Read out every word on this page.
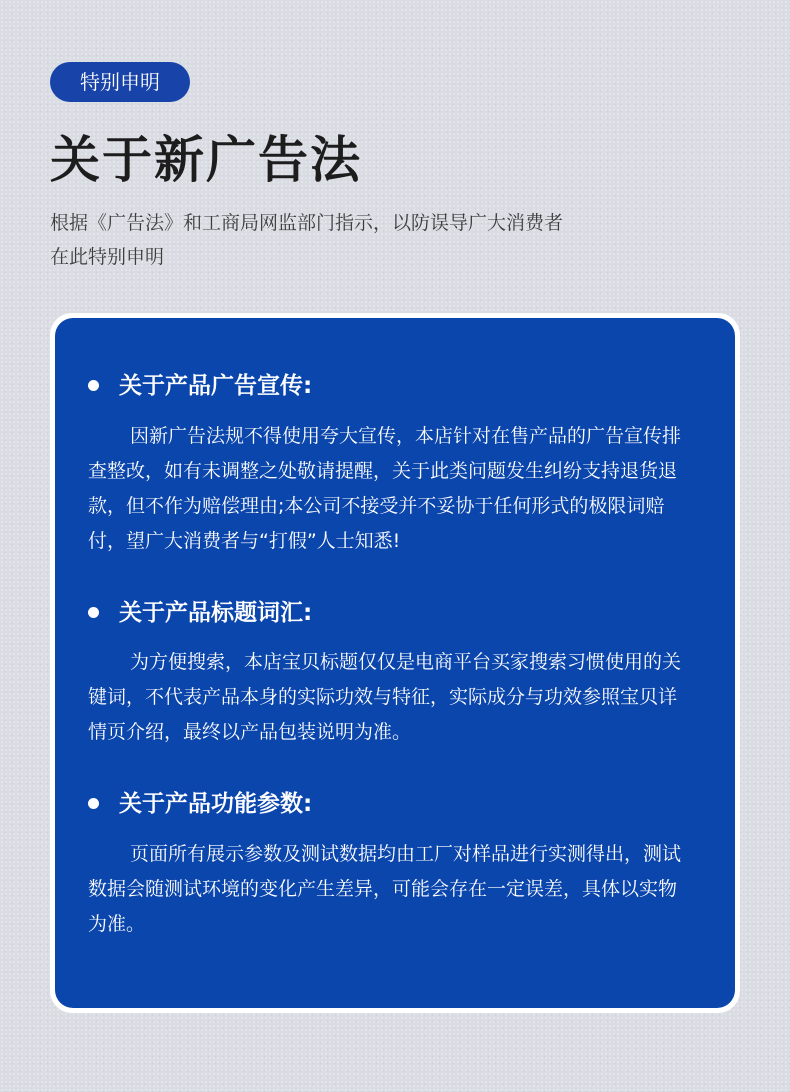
特别申明
关于新广告法
根据《广告法》和工商局网监部门指示，以防误导广大消费者
在此特别申明
关于产品广告宣传:
因新广告法规不得使用夸大宣传，本店针对在售产品的广告宣传排
查整改，如有未调整之处敬请提醒，关于此类问题发生纠纷支持退货退
款，但不作为赔偿理由;本公司不接受并不妥协于任何形式的极限词赔
付，望广大消费者与“打假”人士知悉!
关于产品标题词汇:
为方便搜索，本店宝贝标题仅仅是电商平台买家搜索习惯使用的关
键词，不代表产品本身的实际功效与特征，实际成分与功效参照宝贝详
情页介绍，最终以产品包装说明为准。
关于产品功能参数:
页面所有展示参数及测试数据均由工厂对样品进行实测得出，测试
数据会随测试环境的变化产生差异，可能会存在一定误差，具体以实物
为准。
